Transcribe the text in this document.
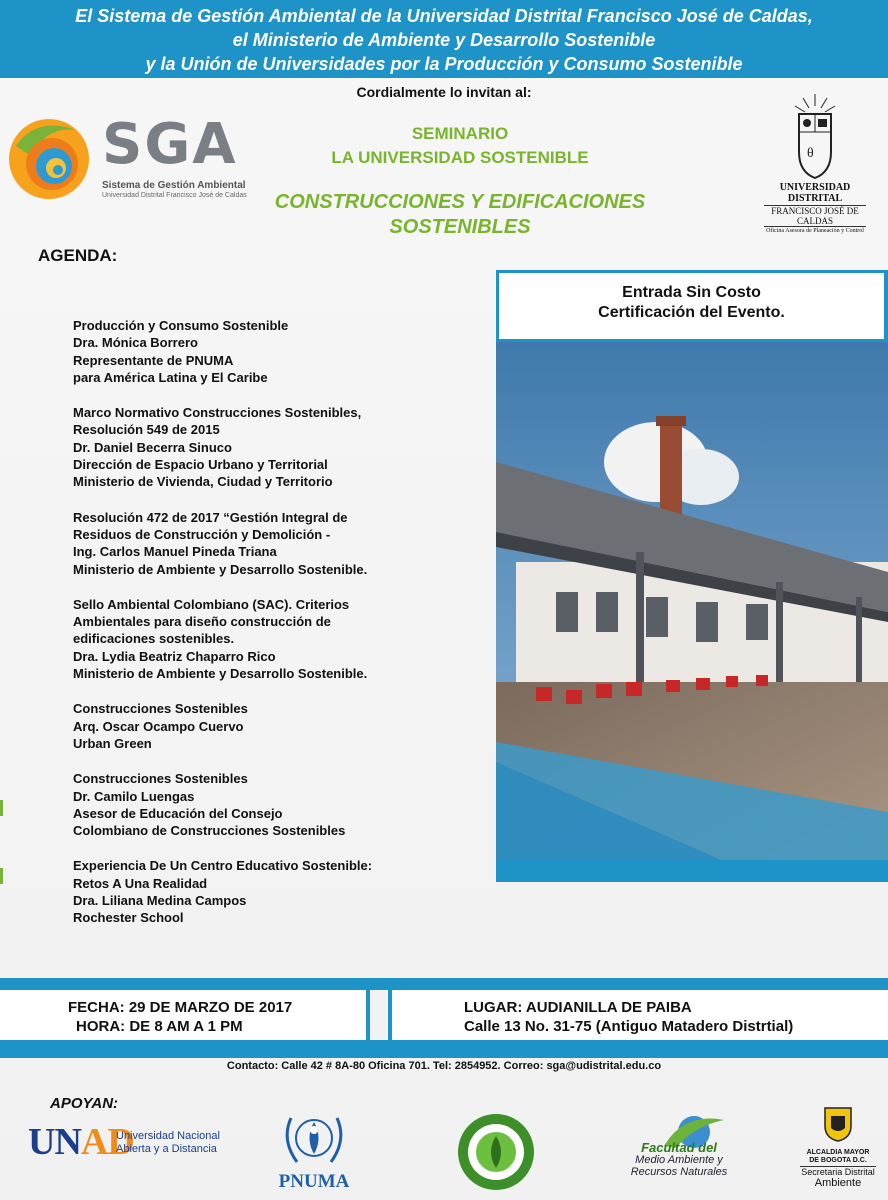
El Sistema de Gestión Ambiental de la Universidad Distrital Francisco José de Caldas,
el Ministerio de Ambiente y Desarrollo Sostenible
y la Unión de Universidades por la Producción y Consumo Sostenible
Cordialmente lo invitan al:
SGA
Sistema de Gestión Ambiental
Universidad Distrital Francisco José de Caldas
SEMINARIO
LA UNIVERSIDAD SOSTENIBLE
CONSTRUCCIONES Y EDIFICACIONES
SOSTENIBLES
θ
UNIVERSIDAD DISTRITAL
FRANCISCO JOSÉ DE CALDAS
Oficina Asesora de Planeación y Control
AGENDA:
Producción y Consumo Sostenible
Dra. Mónica Borrero
Representante de PNUMA
para América Latina y El Caribe
Marco Normativo Construcciones Sostenibles,
Resolución 549 de 2015
Dr. Daniel Becerra Sinuco
Dirección de Espacio Urbano y Territorial
Ministerio de Vivienda, Ciudad y Territorio
Resolución 472 de 2017 “Gestión Integral de
Residuos de Construcción y Demolición -
Ing. Carlos Manuel Pineda Triana
Ministerio de Ambiente y Desarrollo Sostenible.
Sello Ambiental Colombiano (SAC). Criterios
Ambientales para diseño construcción de
edificaciones sostenibles.
Dra. Lydia Beatriz Chaparro Rico
Ministerio de Ambiente y Desarrollo Sostenible.
Construcciones Sostenibles
Arq. Oscar Ocampo Cuervo
Urban Green
Construcciones Sostenibles
Dr. Camilo Luengas
Asesor de Educación del Consejo
Colombiano de Construcciones Sostenibles
Experiencia De Un Centro Educativo Sostenible:
Retos A Una Realidad
Dra. Liliana Medina Campos
Rochester School
Entrada Sin Costo
Certificación del Evento.
FECHA: 29 DE MARZO DE 2017
HORA: DE 8 AM A 1 PM
LUGAR: AUDIANILLA DE PAIBA
Calle 13 No. 31-75 (Antiguo Matadero Distrtial)
Contacto: Calle 42 # 8A-80 Oficina 701. Tel: 2854952. Correo: sga@udistrital.edu.co
APOYAN:
UNAD
Universidad Nacional
Abierta y a Distancia
PNUMA
Facultad del
Medio Ambiente y
Recursos Naturales
ALCALDIA MAYOR
DE BOGOTA D.C.
Secretaria Distrital
Ambiente
